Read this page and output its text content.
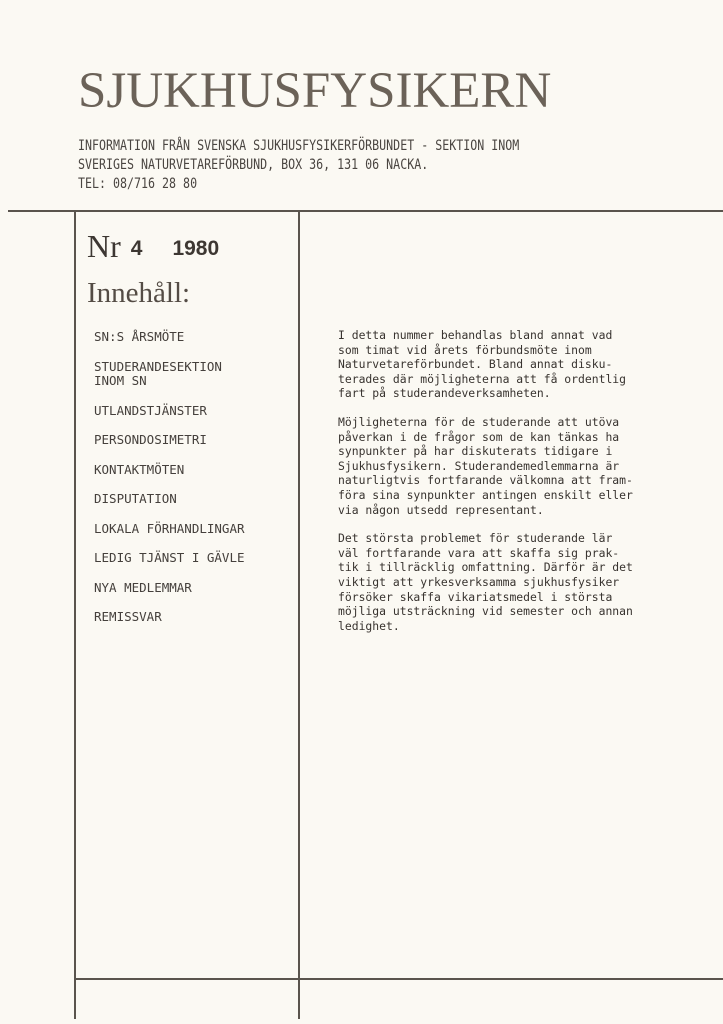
SJUKHUSFYSIKERN
INFORMATION FRÅN SVENSKA SJUKHUSFYSIKERFÖRBUNDET - SEKTION INOM
SVERIGES NATURVETAREFÖRBUND, BOX 36, 131 06 NACKA.
TEL: 08/716 28 80
Nr 4 1980
Innehåll:
SN:S ÅRSMÖTE
STUDERANDESEKTION
INOM SN
UTLANDSTJÄNSTER
PERSONDOSIMETRI
KONTAKTMÖTEN
DISPUTATION
LOKALA FÖRHANDLINGAR
LEDIG TJÄNST I GÄVLE
NYA MEDLEMMAR
REMISSVAR

I detta nummer behandlas bland annat vad
som timat vid årets förbundsmöte inom
Naturvetareförbundet. Bland annat disku-
terades där möjligheterna att få ordentlig
fart på studerandeverksamheten.

Möjligheterna för de studerande att utöva
påverkan i de frågor som de kan tänkas ha
synpunkter på har diskuterats tidigare i
Sjukhusfysikern. Studerandemedlemmarna är
naturligtvis fortfarande välkomna att fram-
föra sina synpunkter antingen enskilt eller
via någon utsedd representant.

Det största problemet för studerande lär
väl fortfarande vara att skaffa sig prak-
tik i tillräcklig omfattning. Därför är det
viktigt att yrkesverksamma sjukhusfysiker
försöker skaffa vikariatsmedel i största
möjliga utsträckning vid semester och annan
ledighet.
